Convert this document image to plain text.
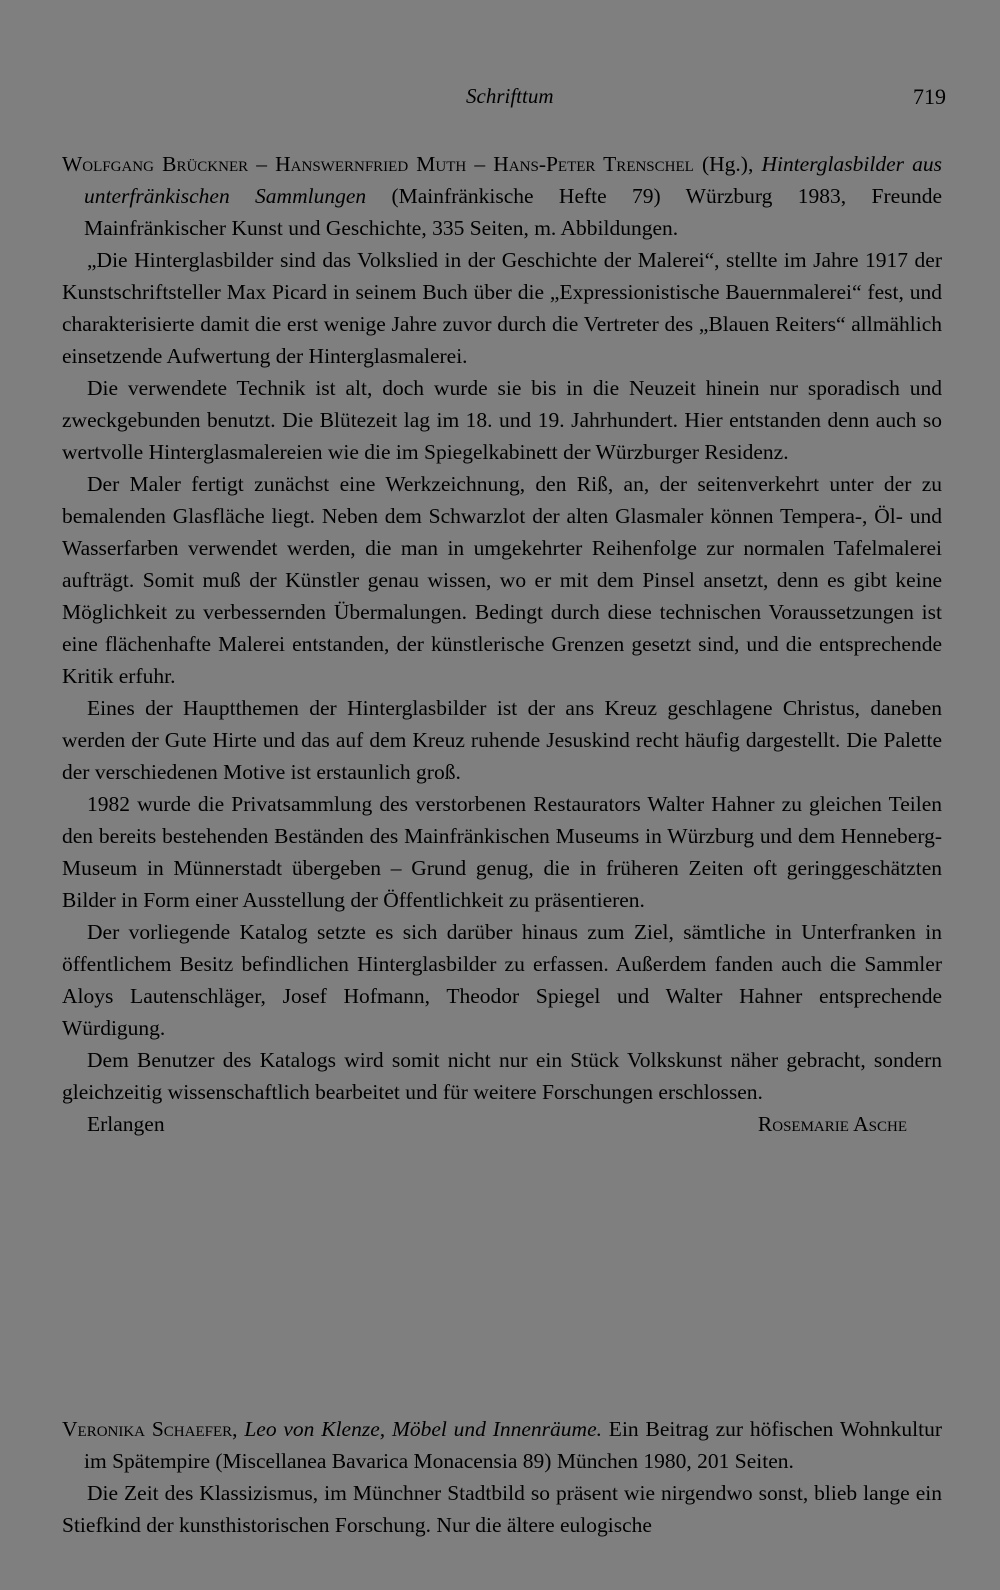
Schrifttum	719

Wolfgang Brückner – Hanswernfried Muth – Hans-Peter Trenschel (Hg.), Hinterglasbilder aus unterfränkischen Sammlungen (Mainfränkische Hefte 79) Würzburg 1983, Freunde Mainfränkischer Kunst und Geschichte, 335 Seiten, m. Abbildungen.

„Die Hinterglasbilder sind das Volkslied in der Geschichte der Malerei“, stellte im Jahre 1917 der Kunstschriftsteller Max Picard in seinem Buch über die „Expressionistische Bauernmalerei“ fest, und charakterisierte damit die erst wenige Jahre zuvor durch die Vertreter des „Blauen Reiters“ allmählich einsetzende Aufwertung der Hinterglasmalerei.

Die verwendete Technik ist alt, doch wurde sie bis in die Neuzeit hinein nur sporadisch und zweckgebunden benutzt. Die Blütezeit lag im 18. und 19. Jahrhundert. Hier entstanden denn auch so wertvolle Hinterglasmalereien wie die im Spiegelkabinett der Würzburger Residenz.

Der Maler fertigt zunächst eine Werkzeichnung, den Riß, an, der seitenverkehrt unter der zu bemalenden Glasfläche liegt. Neben dem Schwarzlot der alten Glasmaler können Tempera-, Öl- und Wasserfarben verwendet werden, die man in umgekehrter Reihenfolge zur normalen Tafelmalerei aufträgt. Somit muß der Künstler genau wissen, wo er mit dem Pinsel ansetzt, denn es gibt keine Möglichkeit zu verbessernden Übermalungen. Bedingt durch diese technischen Voraussetzungen ist eine flächenhafte Malerei entstanden, der künstlerische Grenzen gesetzt sind, und die entsprechende Kritik erfuhr.

Eines der Hauptthemen der Hinterglasbilder ist der ans Kreuz geschlagene Christus, daneben werden der Gute Hirte und das auf dem Kreuz ruhende Jesuskind recht häufig dargestellt. Die Palette der verschiedenen Motive ist erstaunlich groß.

1982 wurde die Privatsammlung des verstorbenen Restaurators Walter Hahner zu gleichen Teilen den bereits bestehenden Beständen des Mainfränkischen Museums in Würzburg und dem Henneberg-Museum in Münnerstadt übergeben – Grund genug, die in früheren Zeiten oft geringgeschätzten Bilder in Form einer Ausstellung der Öffentlichkeit zu präsentieren.

Der vorliegende Katalog setzte es sich darüber hinaus zum Ziel, sämtliche in Unterfranken in öffentlichem Besitz befindlichen Hinterglasbilder zu erfassen. Außerdem fanden auch die Sammler Aloys Lautenschläger, Josef Hofmann, Theodor Spiegel und Walter Hahner entsprechende Würdigung.

Dem Benutzer des Katalogs wird somit nicht nur ein Stück Volkskunst näher gebracht, sondern gleichzeitig wissenschaftlich bearbeitet und für weitere Forschungen erschlossen.

Erlangen	Rosemarie Asche

Veronika Schaefer, Leo von Klenze, Möbel und Innenräume. Ein Beitrag zur höfischen Wohnkultur im Spätempire (Miscellanea Bavarica Monacensia 89) München 1980, 201 Seiten.

Die Zeit des Klassizismus, im Münchner Stadtbild so präsent wie nirgendwo sonst, blieb lange ein Stiefkind der kunsthistorischen Forschung. Nur die ältere eulogische
